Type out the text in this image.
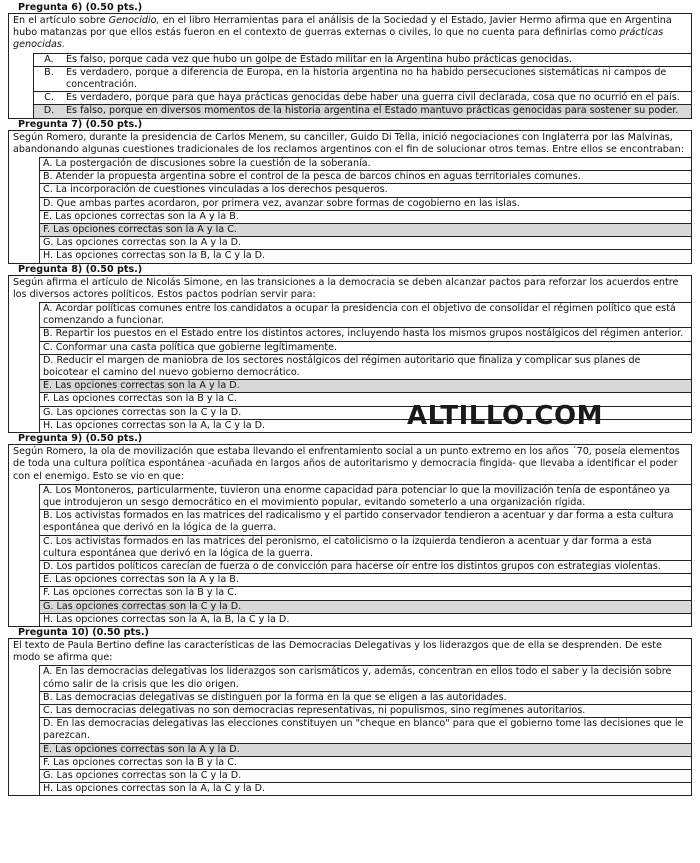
Pregunta 6) (0.50 pts.)
En el artículo sobre Genocidio, en el libro Herramientas para el análisis de la Sociedad y el Estado, Javier Hermo afirma que en Argentina hubo matanzas por que ellos estás fueron en el contexto de guerras externas o civiles, lo que no cuenta para definirlas como prácticas genocidas.
A.	Es falso, porque cada vez que hubo un golpe de Estado militar en la Argentina hubo prácticas genocidas.
B.	Es verdadero, porque a diferencia de Europa, en la historia argentina no ha habido persecuciones sistemáticas ni campos de concentración.
C.	Es verdadero, porque para que haya prácticas genocidas debe haber una guerra civil declarada, cosa que no ocurrió en el país.
D.	Es falso, porque en diversos momentos de la historia argentina el Estado mantuvo prácticas genocidas para sostener su poder.
Pregunta 7) (0.50 pts.)
Según Romero, durante la presidencia de Carlos Menem, su canciller, Guido Di Tella, inició negociaciones con Inglaterra por las Malvinas, abandonando algunas cuestiones tradicionales de los reclamos argentinos con el fin de solucionar otros temas. Entre ellos se encontraban:
A. La postergación de discusiones sobre la cuestión de la soberanía.
B. Atender la propuesta argentina sobre el control de la pesca de barcos chinos en aguas territoriales comunes.
C. La incorporación de cuestiones vinculadas a los derechos pesqueros.
D. Que ambas partes acordaron, por primera vez, avanzar sobre formas de cogobierno en las islas.
E. Las opciones correctas son la A y la B.
F. Las opciones correctas son la A y la C.
G. Las opciones correctas son la A y la D.
H. Las opciones correctas son la B, la C y la D.
Pregunta 8) (0.50 pts.)
Según afirma el artículo de Nicolás Simone, en las transiciones a la democracia se deben alcanzar pactos para reforzar los acuerdos entre los diversos actores políticos. Estos pactos podrían servir para:
A. Acordar políticas comunes entre los candidatos a ocupar la presidencia con el objetivo de consolidar el régimen político que está comenzando a funcionar.
B. Repartir los puestos en el Estado entre los distintos actores, incluyendo hasta los mismos grupos nostálgicos del régimen anterior.
C. Conformar una casta política que gobierne legítimamente.
D. Reducir el margen de maniobra de los sectores nostálgicos del régimen autoritario que finaliza y complicar sus planes de boicotear el camino del nuevo gobierno democrático.
E. Las opciones correctas son la A y la D.
F. Las opciones correctas son la B y la C.
G. Las opciones correctas son la C y la D.
H. Las opciones correctas son la A, la C y la D.
Pregunta 9) (0.50 pts.)
Según Romero, la ola de movilización que estaba llevando el enfrentamiento social a un punto extremo en los años ´70, poseía elementos de toda una cultura política espontánea -acuñada en largos años de autoritarismo y democracia fingida- que llevaba a identificar el poder con el enemigo. Esto se vio en que:
A. Los Montoneros, particularmente, tuvieron una enorme capacidad para potenciar lo que la movilización tenía de espontáneo ya que introdujeron un sesgo democrático en el movimiento popular, evitando someterlo a una organización rígida.
B. Los activistas formados en las matrices del radicalismo y el partido conservador tendieron a acentuar y dar forma a esta cultura espontánea que derivó en la lógica de la guerra.
C. Los activistas formados en las matrices del peronismo, el catolicismo o la izquierda tendieron a acentuar y dar forma a esta cultura espontánea que derivó en la lógica de la guerra.
D. Los partidos políticos carecían de fuerza o de convicción para hacerse oír entre los distintos grupos con estrategias violentas.
E. Las opciones correctas son la A y la B.
F. Las opciones correctas son la B y la C.
G. Las opciones correctas son la C y la D.
H. Las opciones correctas son la A, la B, la C y la D.
Pregunta 10) (0.50 pts.)
El texto de Paula Bertino define las características de las Democracias Delegativas y los liderazgos que de ella se desprenden. De este modo se afirma que:
A. En las democracias delegativas los liderazgos son carismáticos y, además, concentran en ellos todo el saber y la decisión sobre cómo salir de la crisis que les dio origen.
B. Las democracias delegativas se distinguen por la forma en la que se eligen a las autoridades.
C. Las democracias delegativas no son democracias representativas, ni populismos, sino regímenes autoritarios.
D. En las democracias delegativas las elecciones constituyen un "cheque en blanco" para que el gobierno tome las decisiones que le parezcan.
E. Las opciones correctas son la A y la D.
F. Las opciones correctas son la B y la C.
G. Las opciones correctas son la C y la D.
H. Las opciones correctas son la A, la C y la D.
ALTILLO.COM
